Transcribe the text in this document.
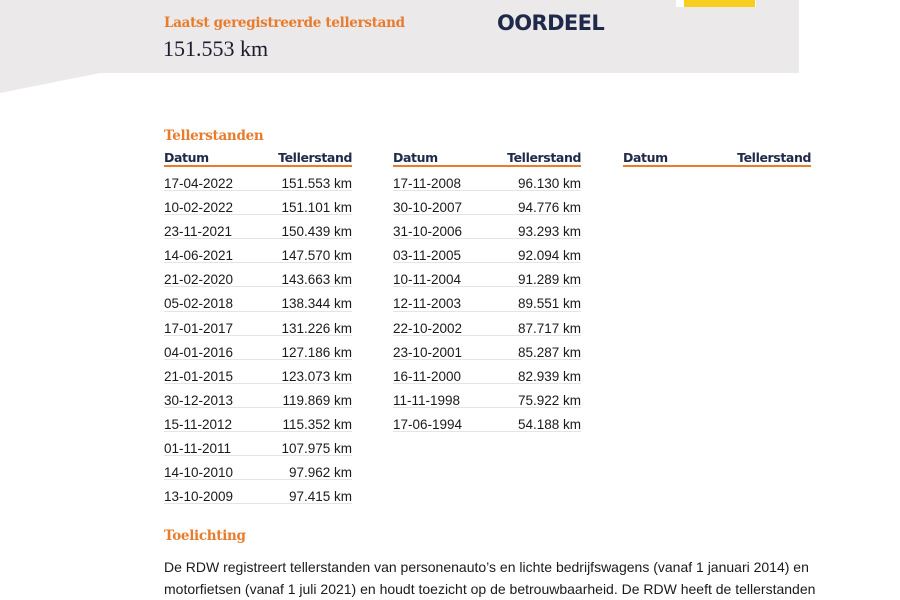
Laatst geregistreerde tellerstand
151.553 km
OORDEEL
Tellerstanden
Datum	Tellerstand
17-04-2022	151.553 km
10-02-2022	151.101 km
23-11-2021	150.439 km
14-06-2021	147.570 km
21-02-2020	143.663 km
05-02-2018	138.344 km
17-01-2017	131.226 km
04-01-2016	127.186 km
21-01-2015	123.073 km
30-12-2013	119.869 km
15-11-2012	115.352 km
01-11-2011	107.975 km
14-10-2010	97.962 km
13-10-2009	97.415 km
Datum	Tellerstand
17-11-2008	96.130 km
30-10-2007	94.776 km
31-10-2006	93.293 km
03-11-2005	92.094 km
10-11-2004	91.289 km
12-11-2003	89.551 km
22-10-2002	87.717 km
23-10-2001	85.287 km
16-11-2000	82.939 km
11-11-1998	75.922 km
17-06-1994	54.188 km
Datum	Tellerstand
Toelichting
De RDW registreert tellerstanden van personenauto’s en lichte bedrijfswagens (vanaf 1 januari 2014) en motorfietsen (vanaf 1 juli 2021) en houdt toezicht op de betrouwbaarheid. De RDW heeft de tellerstanden
